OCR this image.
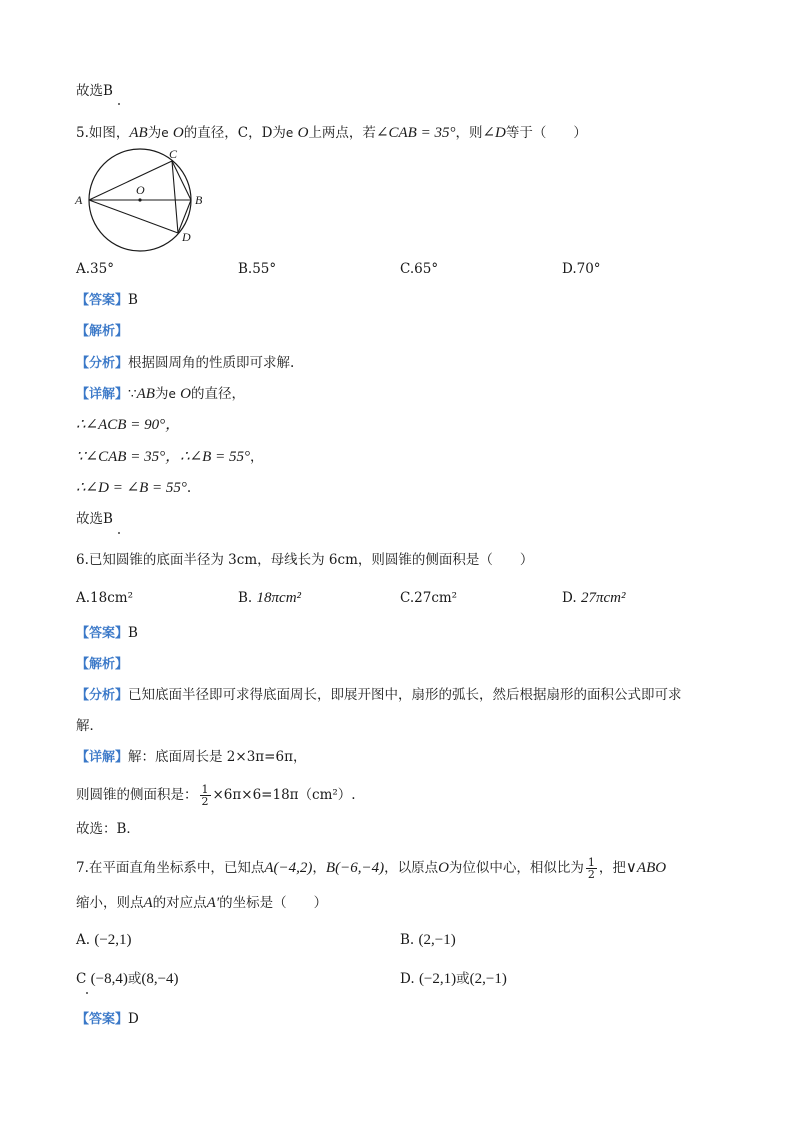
故选B
5.如图，AB为e O的直径，C，D为e O上两点，若∠CAB = 35°，则∠D等于（　　）
A	B
C
D
O
A.35°	B.55°	C.65°	D.70°
【答案】B
【解析】
【分析】根据圆周角的性质即可求解.
【详解】∵AB为e O的直径，
∴∠ACB = 90°，
∵∠CAB = 35°，∴∠B = 55°，
∴∠D = ∠B = 55°.
故选B
6.已知圆锥的底面半径为 3cm，母线长为 6cm，则圆锥的侧面积是（　　）
A.18cm²	B. 18πcm²	C.27cm²	D. 27πcm²
【答案】B
【解析】
【分析】已知底面半径即可求得底面周长，即展开图中，扇形的弧长，然后根据扇形的面积公式即可求
解．
【详解】解：底面周长是 2×3π=6π，
则圆锥的侧面积是： $\frac{1}{2} \times 6\pi\times 6=18\pi(cm^2)$.
故选：B．
7.在平面直角坐标系中，已知点A(−4,2)，B(−6,−4)，以原点O为位似中心，相似比为 $\frac{1}{2}$ ，把∨ABO
缩小，则点A的对应点A′的坐标是（　　）
A. (−2,1)	B. (2,−1)
C (−8,4)或(8,−4)	D. (−2,1)或(2,−1)
【答案】D
